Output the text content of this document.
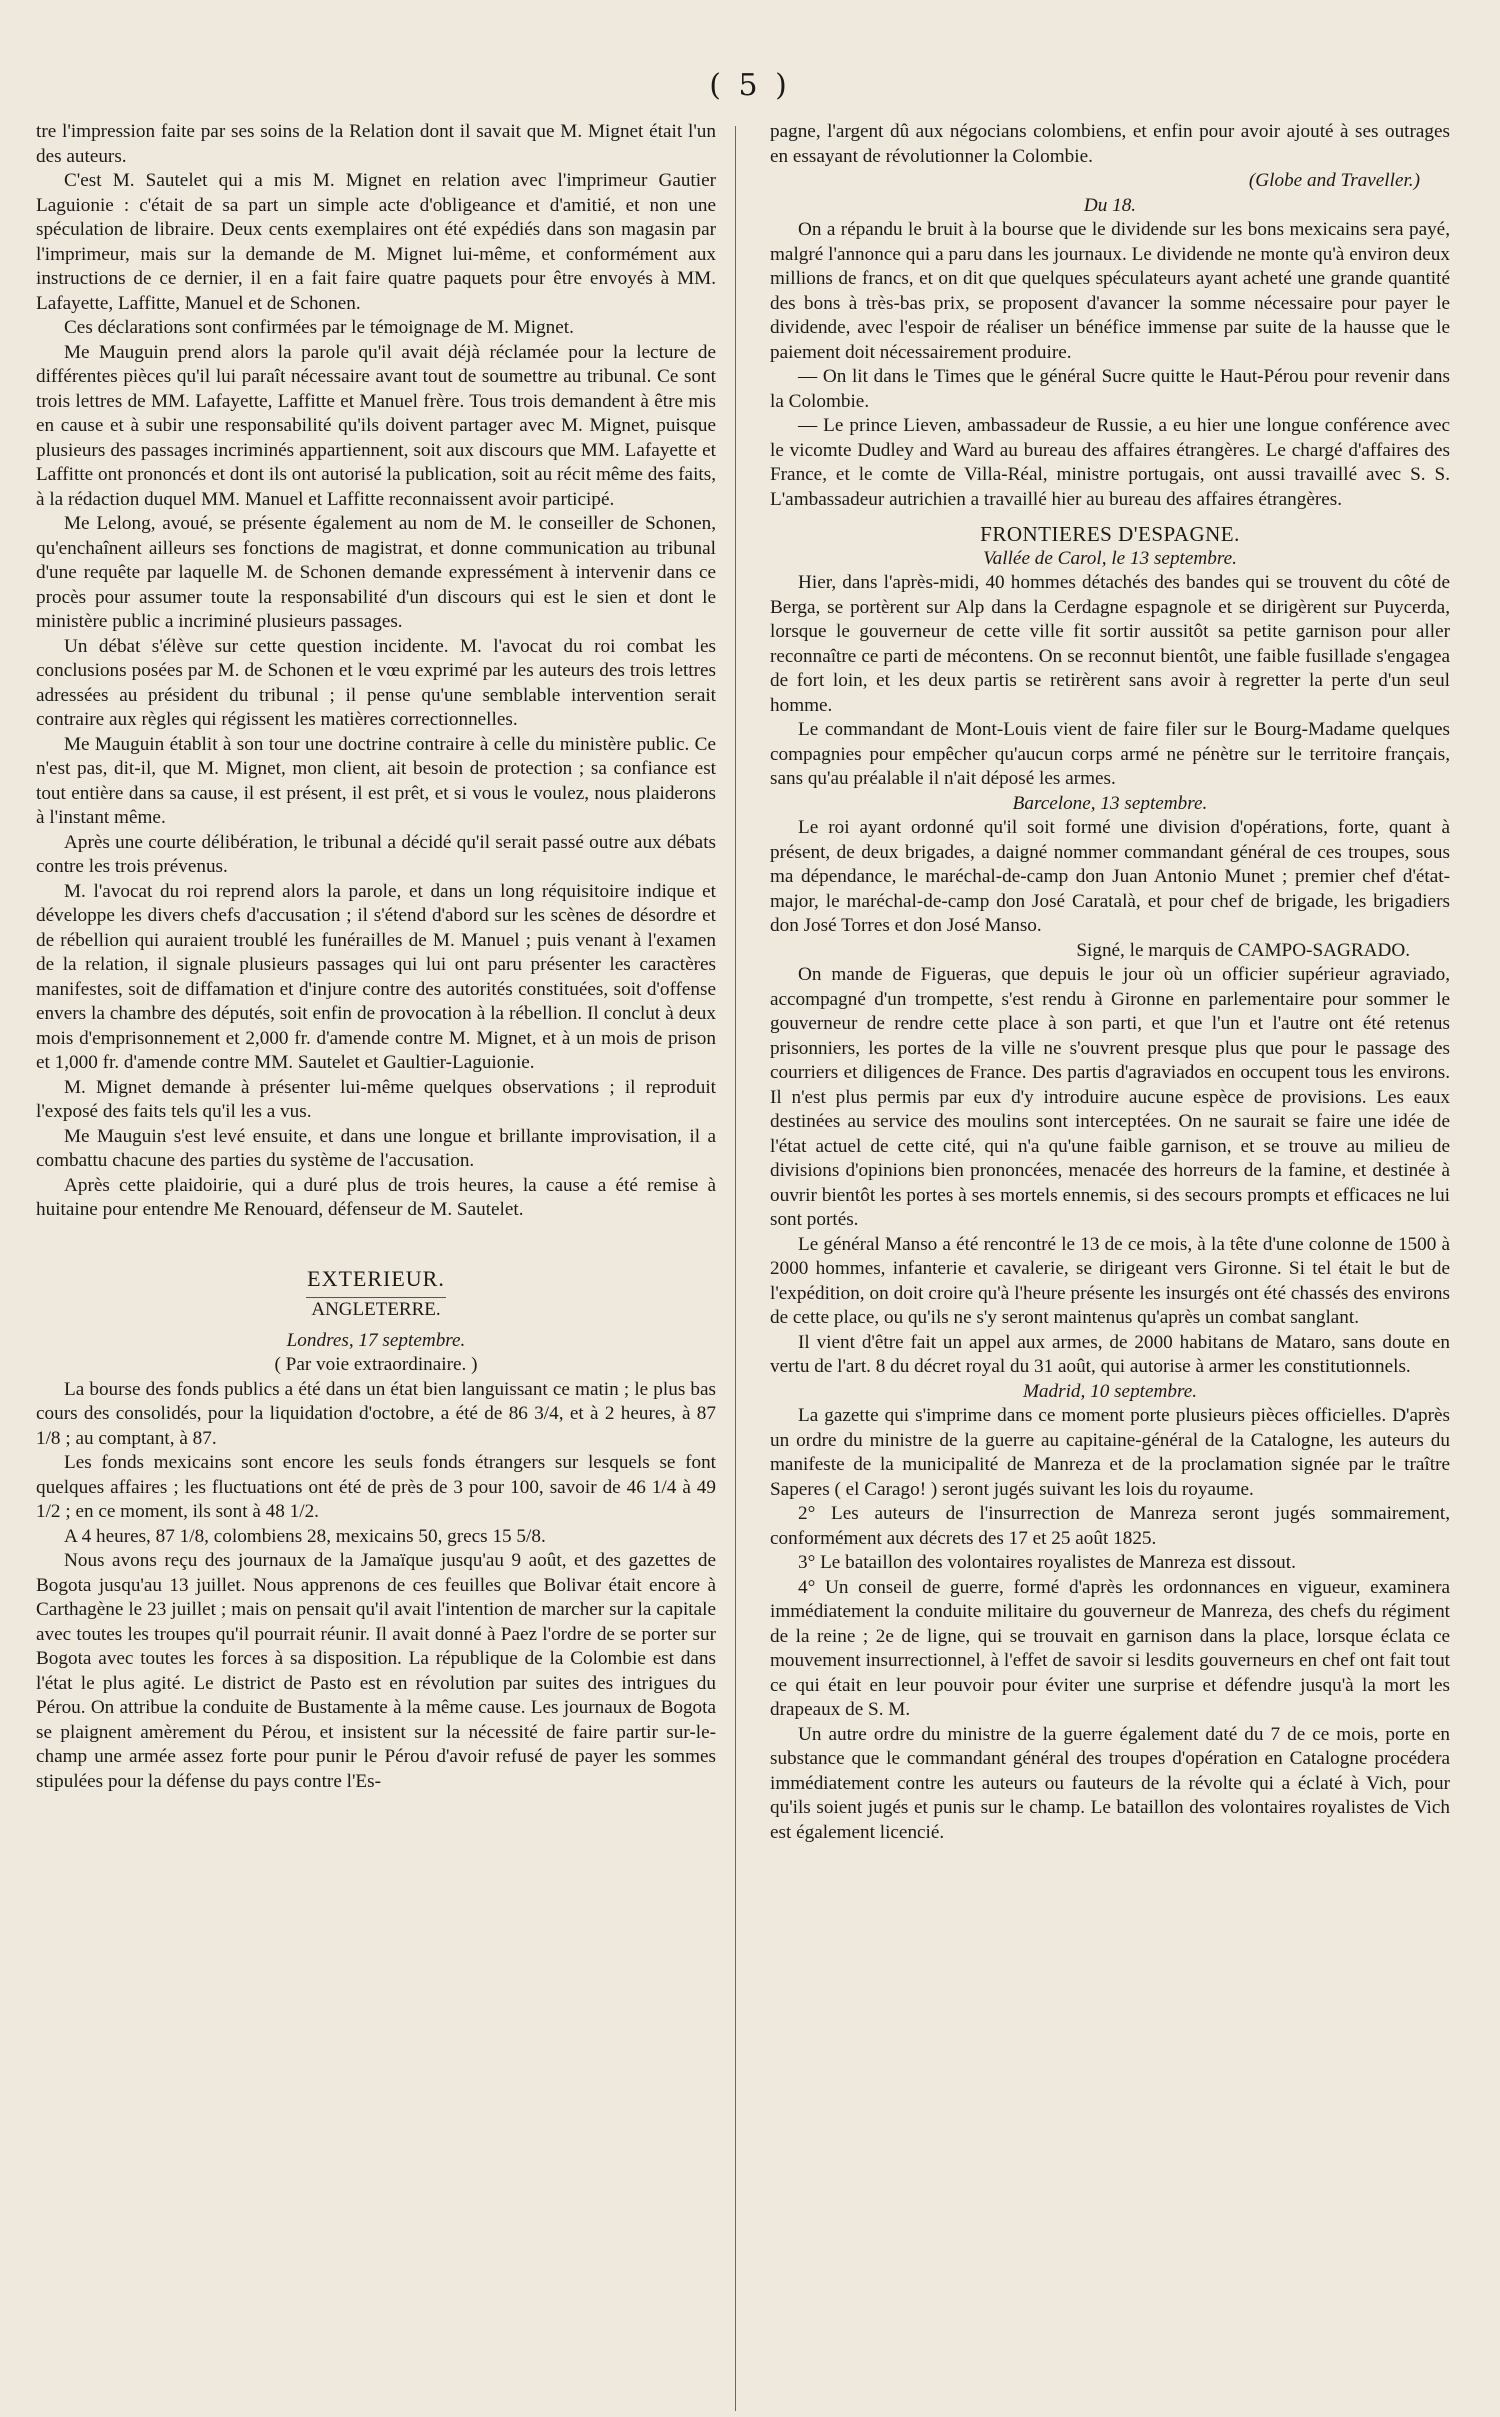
( 5 )

tre l'impression faite par ses soins de la Relation dont il savait que M. Mignet était l'un des auteurs.

C'est M. Sautelet qui a mis M. Mignet en relation avec l'imprimeur Gautier Laguionie : c'était de sa part un simple acte d'obligeance et d'amitié, et non une spéculation de libraire. Deux cents exemplaires ont été expédiés dans son magasin par l'imprimeur, mais sur la demande de M. Mignet lui-même, et conformément aux instructions de ce dernier, il en a fait faire quatre paquets pour être envoyés à MM. Lafayette, Laffitte, Manuel et de Schonen.

Ces déclarations sont confirmées par le témoignage de M. Mignet.

Me Mauguin prend alors la parole qu'il avait déjà réclamée pour la lecture de différentes pièces qu'il lui paraît nécessaire avant tout de soumettre au tribunal. Ce sont trois lettres de MM. Lafayette, Laffitte et Manuel frère. Tous trois demandent à être mis en cause et à subir une responsabilité qu'ils doivent partager avec M. Mignet, puisque plusieurs des passages incriminés appartiennent, soit aux discours que MM. Lafayette et Laffitte ont prononcés et dont ils ont autorisé la publication, soit au récit même des faits, à la rédaction duquel MM. Manuel et Laffitte reconnaissent avoir participé.

Me Lelong, avoué, se présente également au nom de M. le conseiller de Schonen, qu'enchaînent ailleurs ses fonctions de magistrat, et donne communication au tribunal d'une requête par laquelle M. de Schonen demande expressément à intervenir dans ce procès pour assumer toute la responsabilité d'un discours qui est le sien et dont le ministère public a incriminé plusieurs passages.

Un débat s'élève sur cette question incidente. M. l'avocat du roi combat les conclusions posées par M. de Schonen et le vœu exprimé par les auteurs des trois lettres adressées au président du tribunal ; il pense qu'une semblable intervention serait contraire aux règles qui régissent les matières correctionnelles.

Me Mauguin établit à son tour une doctrine contraire à celle du ministère public. Ce n'est pas, dit-il, que M. Mignet, mon client, ait besoin de protection ; sa confiance est tout entière dans sa cause, il est présent, il est prêt, et si vous le voulez, nous plaiderons à l'instant même.

Après une courte délibération, le tribunal a décidé qu'il serait passé outre aux débats contre les trois prévenus.

M. l'avocat du roi reprend alors la parole, et dans un long réquisitoire indique et développe les divers chefs d'accusation ; il s'étend d'abord sur les scènes de désordre et de rébellion qui auraient troublé les funérailles de M. Manuel ; puis venant à l'examen de la relation, il signale plusieurs passages qui lui ont paru présenter les caractères manifestes, soit de diffamation et d'injure contre des autorités constituées, soit d'offense envers la chambre des députés, soit enfin de provocation à la rébellion. Il conclut à deux mois d'emprisonnement et 2,000 fr. d'amende contre M. Mignet, et à un mois de prison et 1,000 fr. d'amende contre MM. Sautelet et Gaultier-Laguionie.

M. Mignet demande à présenter lui-même quelques observations ; il reproduit l'exposé des faits tels qu'il les a vus.

Me Mauguin s'est levé ensuite, et dans une longue et brillante improvisation, il a combattu chacune des parties du système de l'accusation.

Après cette plaidoirie, qui a duré plus de trois heures, la cause a été remise à huitaine pour entendre Me Renouard, défenseur de M. Sautelet.

EXTERIEUR.
ANGLETERRE.
Londres, 17 septembre.
( Par voie extraordinaire. )

La bourse des fonds publics a été dans un état bien languissant ce matin ; le plus bas cours des consolidés, pour la liquidation d'octobre, a été de 86 3/4, et à 2 heures, à 87 1/8 ; au comptant, à 87.

Les fonds mexicains sont encore les seuls fonds étrangers sur lesquels se font quelques affaires ; les fluctuations ont été de près de 3 pour 100, savoir de 46 1/4 à 49 1/2 ; en ce moment, ils sont à 48 1/2.

A 4 heures, 87 1/8, colombiens 28, mexicains 50, grecs 15 5/8.

Nous avons reçu des journaux de la Jamaïque jusqu'au 9 août, et des gazettes de Bogota jusqu'au 13 juillet. Nous apprenons de ces feuilles que Bolivar était encore à Carthagène le 23 juillet ; mais on pensait qu'il avait l'intention de marcher sur la capitale avec toutes les troupes qu'il pourrait réunir. Il avait donné à Paez l'ordre de se porter sur Bogota avec toutes les forces à sa disposition. La république de la Colombie est dans l'état le plus agité. Le district de Pasto est en révolution par suites des intrigues du Pérou. On attribue la conduite de Bustamente à la même cause. Les journaux de Bogota se plaignent amèrement du Pérou, et insistent sur la nécessité de faire partir sur-le-champ une armée assez forte pour punir le Pérou d'avoir refusé de payer les sommes stipulées pour la défense du pays contre l'Es-

pagne, l'argent dû aux négocians colombiens, et enfin pour avoir ajouté à ses outrages en essayant de révolutionner la Colombie.

(Globe and Traveller.)
Du 18.

On a répandu le bruit à la bourse que le dividende sur les bons mexicains sera payé, malgré l'annonce qui a paru dans les journaux. Le dividende ne monte qu'à environ deux millions de francs, et on dit que quelques spéculateurs ayant acheté une grande quantité des bons à très-bas prix, se proposent d'avancer la somme nécessaire pour payer le dividende, avec l'espoir de réaliser un bénéfice immense par suite de la hausse que le paiement doit nécessairement produire.

— On lit dans le Times que le général Sucre quitte le Haut-Pérou pour revenir dans la Colombie.

— Le prince Lieven, ambassadeur de Russie, a eu hier une longue conférence avec le vicomte Dudley and Ward au bureau des affaires étrangères. Le chargé d'affaires des France, et le comte de Villa-Réal, ministre portugais, ont aussi travaillé avec S. S. L'ambassadeur autrichien a travaillé hier au bureau des affaires étrangères.

FRONTIERES D'ESPAGNE.
Vallée de Carol, le 13 septembre.

Hier, dans l'après-midi, 40 hommes détachés des bandes qui se trouvent du côté de Berga, se portèrent sur Alp dans la Cerdagne espagnole et se dirigèrent sur Puycerda, lorsque le gouverneur de cette ville fit sortir aussitôt sa petite garnison pour aller reconnaître ce parti de mécontens. On se reconnut bientôt, une faible fusillade s'engagea de fort loin, et les deux partis se retirèrent sans avoir à regretter la perte d'un seul homme.

Le commandant de Mont-Louis vient de faire filer sur le Bourg-Madame quelques compagnies pour empêcher qu'aucun corps armé ne pénètre sur le territoire français, sans qu'au préalable il n'ait déposé les armes.

Barcelone, 13 septembre.

Le roi ayant ordonné qu'il soit formé une division d'opérations, forte, quant à présent, de deux brigades, a daigné nommer commandant général de ces troupes, sous ma dépendance, le maréchal-de-camp don Juan Antonio Munet ; premier chef d'état-major, le maréchal-de-camp don José Caratalà, et pour chef de brigade, les brigadiers don José Torres et don José Manso.

Signé, le marquis de CAMPO-SAGRADO.

On mande de Figueras, que depuis le jour où un officier supérieur agraviado, accompagné d'un trompette, s'est rendu à Gironne en parlementaire pour sommer le gouverneur de rendre cette place à son parti, et que l'un et l'autre ont été retenus prisonniers, les portes de la ville ne s'ouvrent presque plus que pour le passage des courriers et diligences de France. Des partis d'agraviados en occupent tous les environs. Il n'est plus permis par eux d'y introduire aucune espèce de provisions. Les eaux destinées au service des moulins sont interceptées. On ne saurait se faire une idée de l'état actuel de cette cité, qui n'a qu'une faible garnison, et se trouve au milieu de divisions d'opinions bien prononcées, menacée des horreurs de la famine, et destinée à ouvrir bientôt les portes à ses mortels ennemis, si des secours prompts et efficaces ne lui sont portés.

Le général Manso a été rencontré le 13 de ce mois, à la tête d'une colonne de 1500 à 2000 hommes, infanterie et cavalerie, se dirigeant vers Gironne. Si tel était le but de l'expédition, on doit croire qu'à l'heure présente les insurgés ont été chassés des environs de cette place, ou qu'ils ne s'y seront maintenus qu'après un combat sanglant.

Il vient d'être fait un appel aux armes, de 2000 habitans de Mataro, sans doute en vertu de l'art. 8 du décret royal du 31 août, qui autorise à armer les constitutionnels.

Madrid, 10 septembre.

La gazette qui s'imprime dans ce moment porte plusieurs pièces officielles. D'après un ordre du ministre de la guerre au capitaine-général de la Catalogne, les auteurs du manifeste de la municipalité de Manreza et de la proclamation signée par le traître Saperes ( el Carago! ) seront jugés suivant les lois du royaume.

2° Les auteurs de l'insurrection de Manreza seront jugés sommairement, conformément aux décrets des 17 et 25 août 1825.

3° Le bataillon des volontaires royalistes de Manreza est dissout.

4° Un conseil de guerre, formé d'après les ordonnances en vigueur, examinera immédiatement la conduite militaire du gouverneur de Manreza, des chefs du régiment de la reine ; 2e de ligne, qui se trouvait en garnison dans la place, lorsque éclata ce mouvement insurrectionnel, à l'effet de savoir si lesdits gouverneurs en chef ont fait tout ce qui était en leur pouvoir pour éviter une surprise et défendre jusqu'à la mort les drapeaux de S. M.

Un autre ordre du ministre de la guerre également daté du 7 de ce mois, porte en substance que le commandant général des troupes d'opération en Catalogne procédera immédiatement contre les auteurs ou fauteurs de la révolte qui a éclaté à Vich, pour qu'ils soient jugés et punis sur le champ. Le bataillon des volontaires royalistes de Vich est également licencié.
